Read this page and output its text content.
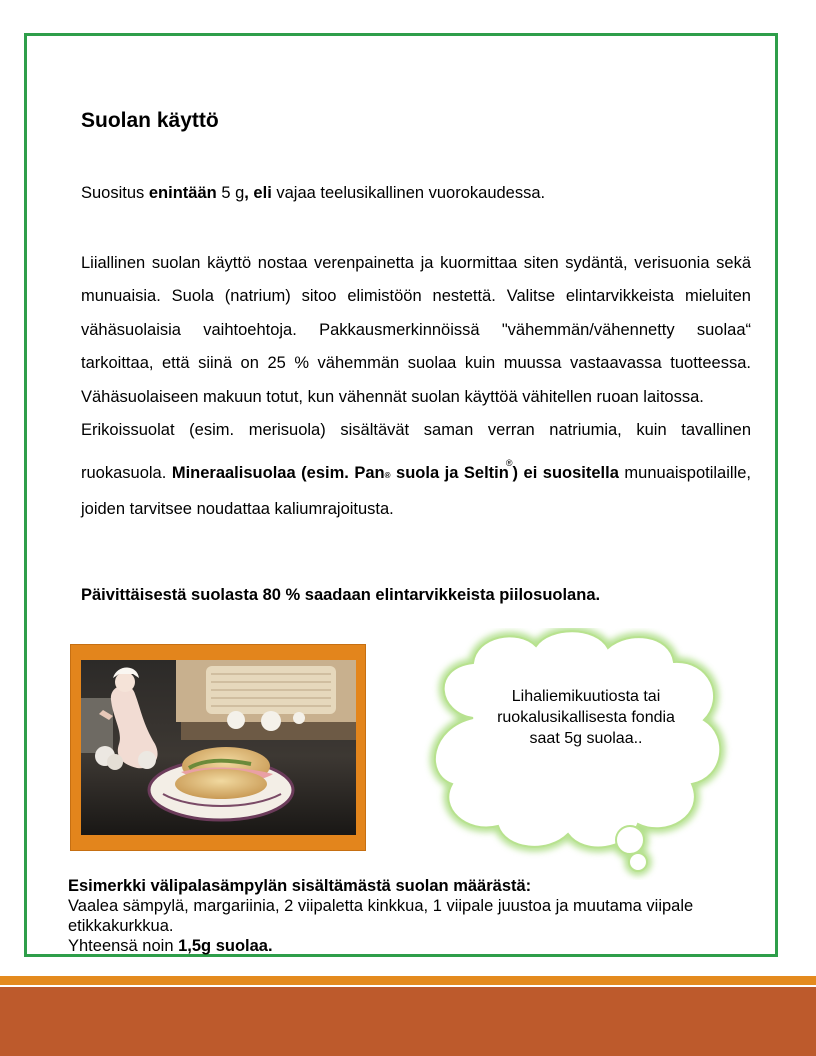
Suolan käyttö

Suositus enintään 5 g, eli vajaa teelusikallinen vuorokaudessa.

Liiallinen suolan käyttö nostaa verenpainetta ja kuormittaa siten sydäntä, verisuonia sekä munuaisia. Suola (natrium) sitoo elimistöön nestettä. Valitse elintarvikkeista mieluiten vähäsuolaisia vaihtoehtoja. Pakkausmerkinnöissä "vähemmän/vähennetty suolaa“ tarkoittaa, että siinä on 25 % vähemmän suolaa kuin muussa vastaavassa tuotteessa. Vähäsuolaiseen makuun totut, kun vähennät suolan käyttöä vähitellen ruoan laitossa.

Erikoissuolat (esim. merisuola) sisältävät saman verran natriumia, kuin tavallinen ruokasuola. Mineraalisuolaa (esim. Pan® suola ja Seltin®) ei suositella munuaispotilaille, joiden tarvitsee noudattaa kaliumrajoitusta.

Päivittäisestä suolasta 80 % saadaan elintarvikkeista piilosuolana.

Lihaliemikuutiosta tai ruokalusikallisesta fondia saat 5g suolaa..

Esimerkki välipalasämpylän sisältämästä suolan määrästä:
Vaalea sämpylä, margariinia, 2 viipaletta kinkkua, 1 viipale juustoa ja muutama viipale etikkakurkkua.
Yhteensä noin 1,5g suolaa.
